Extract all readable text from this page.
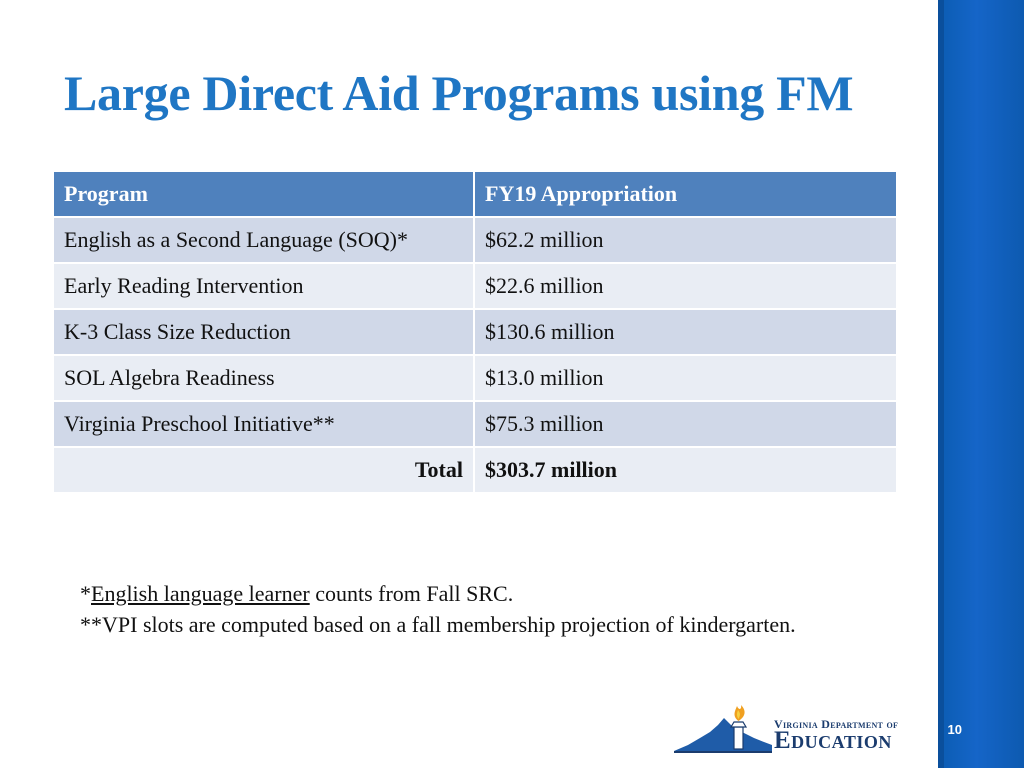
Large Direct Aid Programs using FM
Program	FY19 Appropriation
English as a Second Language (SOQ)*	$62.2 million
Early Reading Intervention	$22.6 million
K-3 Class Size Reduction	$130.6 million
SOL Algebra Readiness	$13.0 million
Virginia Preschool Initiative**	$75.3 million
Total	$303.7 million

*English language learner counts from Fall SRC.

**VPI slots are computed based on a fall membership projection of kindergarten.

Virginia Department of
Education	10
